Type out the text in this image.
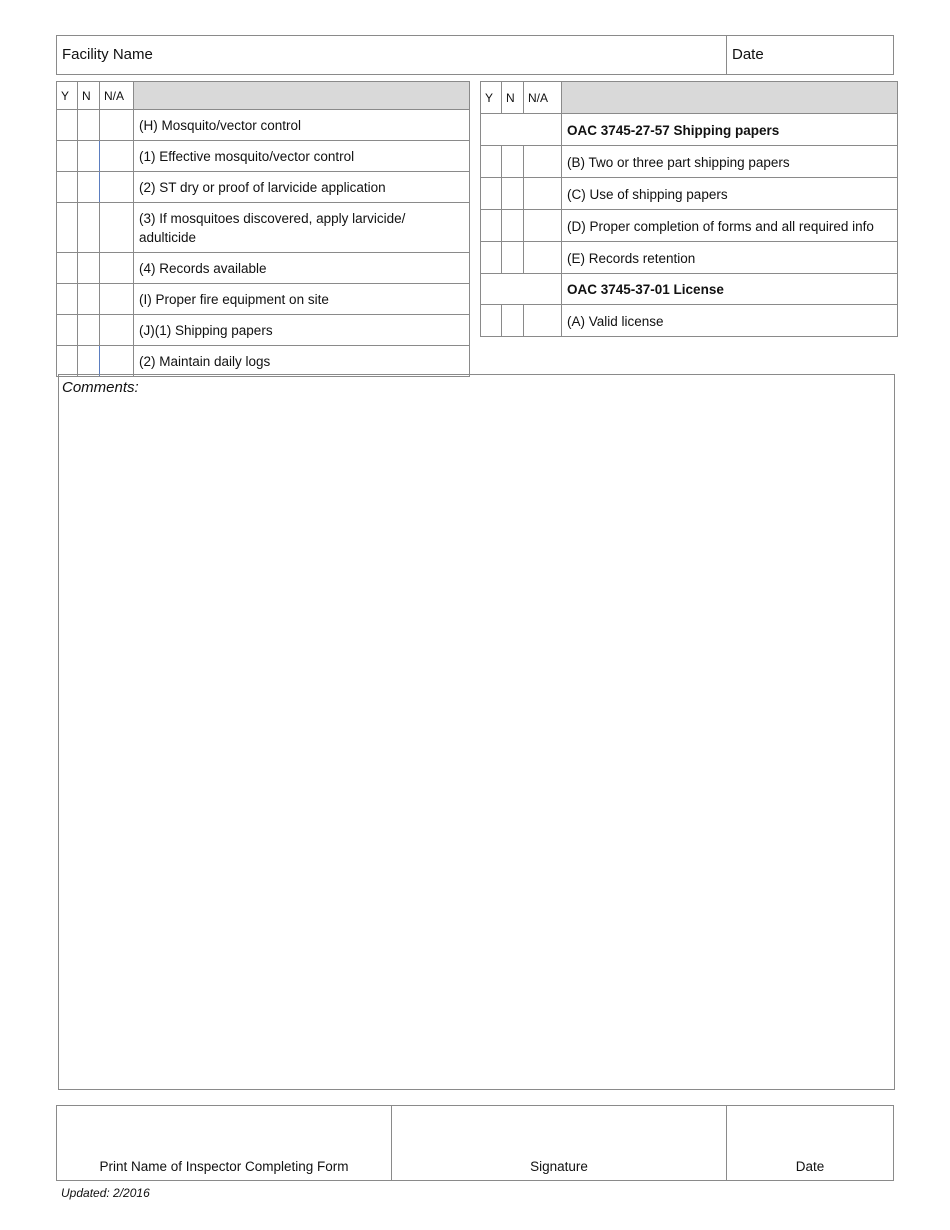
Facility Name	Date
Y	N	N/A	
			(H) Mosquito/vector control
			(1) Effective mosquito/vector control
			(2) ST dry or proof of larvicide application
			(3) If mosquitoes discovered, apply larvicide/ adulticide
			(4) Records available
			(I) Proper fire equipment on site
			(J)(1) Shipping papers
			(2) Maintain daily logs
Y	N	N/A	
			OAC 3745-27-57 Shipping papers
			(B) Two or three part shipping papers
			(C) Use of shipping papers
			(D) Proper completion of forms and all required info
			(E) Records retention
			OAC 3745-37-01 License
			(A) Valid license
Comments:
Print Name of Inspector Completing Form	Signature	Date
Updated: 2/2016
